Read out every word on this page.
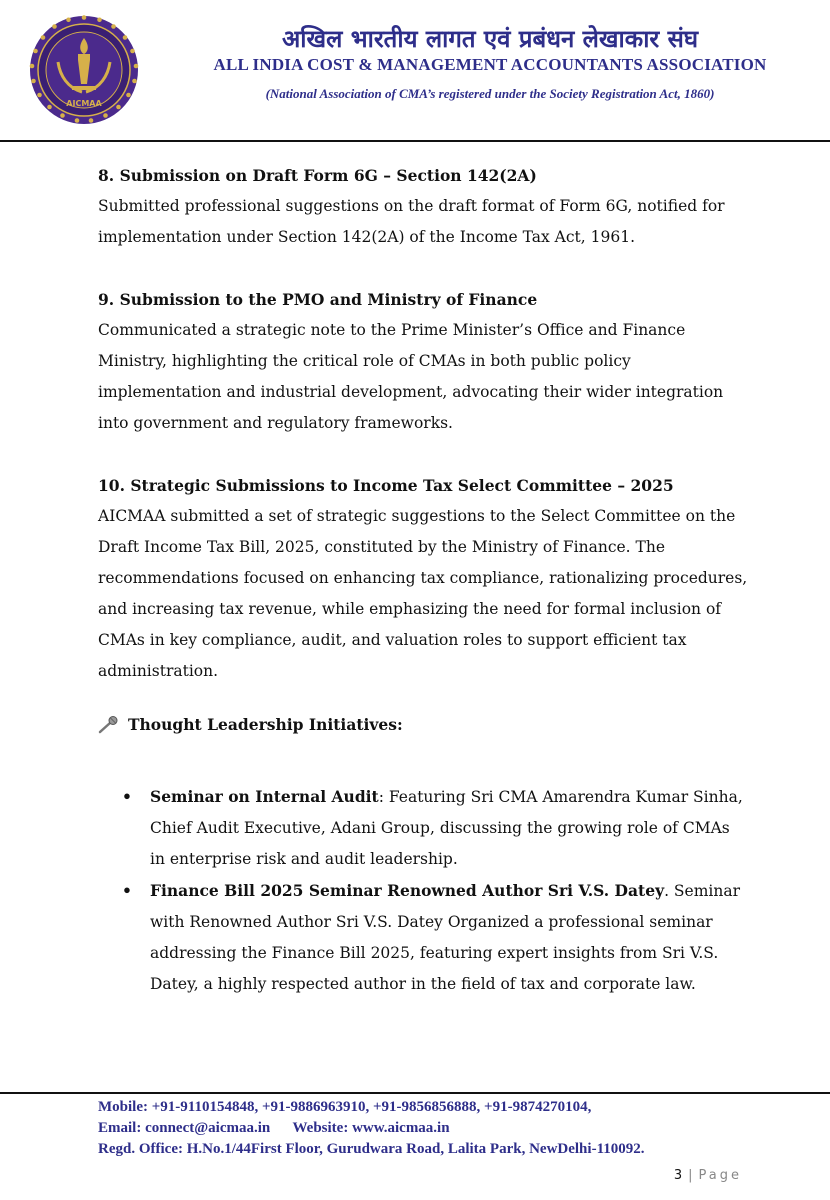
AICMAA
अखिल भारतीय लागत एवं प्रबंधन लेखाकार संघ
ALL INDIA COST & MANAGEMENT ACCOUNTANTS ASSOCIATION
(National Association of CMA’s registered under the Society Registration Act, 1860)

8. Submission on Draft Form 6G – Section 142(2A)

Submitted professional suggestions on the draft format of Form 6G, notified for implementation under Section 142(2A) of the Income Tax Act, 1961.

9. Submission to the PMO and Ministry of Finance

Communicated a strategic note to the Prime Minister’s Office and Finance Ministry, highlighting the critical role of CMAs in both public policy implementation and industrial development, advocating their wider integration into government and regulatory frameworks.

10. Strategic Submissions to Income Tax Select Committee – 2025

AICMAA submitted a set of strategic suggestions to the Select Committee on the Draft Income Tax Bill, 2025, constituted by the Ministry of Finance. The recommendations focused on enhancing tax compliance, rationalizing procedures, and increasing tax revenue, while emphasizing the need for formal inclusion of CMAs in key compliance, audit, and valuation roles to support efficient tax administration.

Thought Leadership Initiatives:
• Seminar on Internal Audit: Featuring Sri CMA Amarendra Kumar Sinha, Chief Audit Executive, Adani Group, discussing the growing role of CMAs in enterprise risk and audit leadership.
• Finance Bill 2025 Seminar Renowned Author Sri V.S. Datey. Seminar with Renowned Author Sri V.S. Datey Organized a professional seminar addressing the Finance Bill 2025, featuring expert insights from Sri V.S. Datey, a highly respected author in the field of tax and corporate law.
Mobile: +91-9110154848, +91-9886963910, +91-9856856888, +91-9874270104,
Email: connect@aicmaa.in      Website: www.aicmaa.in
Regd. Office: H.No.1/44First Floor, Gurudwara Road, Lalita Park, NewDelhi-110092.
3 | Page
